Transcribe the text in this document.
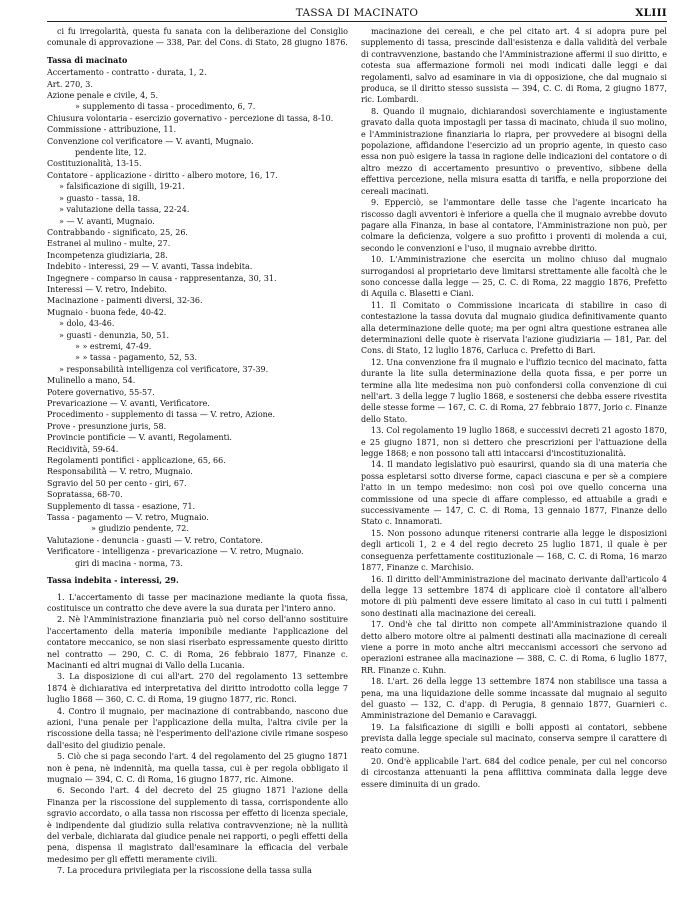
TASSA DI MACINATO	XLIII

ci fu irregolarità, questa fu sanata con la deliberazione del Consiglio comunale di approvazione — 338, Par. del Cons. di Stato, 28 giugno 1876.

Tassa di macinato

Accertamento - contratto - durata, 1, 2.

Art. 270, 3.

Azione penale e civile, 4, 5.

» supplemento di tassa - procedimento, 6, 7.

Chiusura volontaria - esercizio governativo - percezione di tassa, 8-10.

Commissione - attribuzione, 11.

Convenzione col verificatore — V. avanti, Mugnaio.

pendente lite, 12.

Costituzionalità, 13-15.

Contatore - applicazione - diritto - albero motore, 16, 17.

» falsificazione di sigilli, 19-21.

» guasto - tassa, 18.

» valutazione della tassa, 22-24.

» — V. avanti, Mugnaio.

Contrabbando - significato, 25, 26.

Estranei al mulino - multe, 27.

Incompetenza giudiziaria, 28.

Indebito - interessi, 29 — V. avanti, Tassa indebita.

Ingegnere - comparso in causa - rappresentanza, 30, 31.

Interessi — V. retro, Indebito.

Macinazione - paimenti diversi, 32-36.

Mugnaio - buona fede, 40-42.

» dolo, 43-46.

» guasti - denunzia, 50, 51.

» » estremi, 47-49.

» » tassa - pagamento, 52, 53.

» responsabilità intelligenza col verificatore, 37-39.

Mulinello a mano, 54.

Potere governativo, 55-57.

Prevaricazione — V. avanti, Verificatore.

Procedimento - supplemento di tassa — V. retro, Azione.

Prove - presunzione juris, 58.

Provincie pontificie — V. avanti, Regolamenti.

Recidività, 59-64.

Regolamenti pontifici - applicazione, 65, 66.

Responsabilità — V. retro, Mugnaio.

Sgravio del 50 per cento - giri, 67.

Sopratassa, 68-70.

Supplemento di tassa - esazione, 71.

Tassa - pagamento — V. retro, Mugnaio.

» giudizio pendente, 72.

Valutazione - denuncia - guasti — V. retro, Contatore.

Verificatore - intelligenza - prevaricazione — V. retro, Mugnaio.

giri di macina - norma, 73.

Tassa indebita - interessi, 29.

1. L'accertamento di tasse per macinazione mediante la quota fissa, costituisce un contratto che deve avere la sua durata per l'intero anno.

2. Nè l'Amministrazione finanziaria può nel corso dell'anno sostituire l'accertamento della materia imponibile mediante l'applicazione del contatore meccanico, se non siasi riserbato espressamente questo diritto nel contratto — 290, C. C. di Roma, 26 febbraio 1877, Finanze c. Macinanti ed altri mugnai di Vallo della Lucania.

3. La disposizione di cui all'art. 270 del regolamento 13 settembre 1874 è dichiarativa ed interpretativa del diritto introdotto colla legge 7 luglio 1868 — 360, C. C. di Roma, 19 giugno 1877, ric. Ronci.

4. Contro il mugnaio, per macinazione di contrabbando, nascono due azioni, l'una penale per l'applicazione della multa, l'altra civile per la riscossione della tassa; nè l'esperimento dell'azione civile rimane sospeso dall'esito del giudizio penale.

5. Ciò che si paga secondo l'art. 4 del regolamento del 25 giugno 1871 non è pena, nè indennità, ma quella tassa, cui è per regola obbligato il mugnaio — 394, C. C. di Roma, 16 giugno 1877, ric. Aimone.

6. Secondo l'art. 4 del decreto del 25 giugno 1871 l'azione della Finanza per la riscossione del supplemento di tassa, corrispondente allo sgravio accordato, o alla tassa non riscossa per effetto di licenza speciale, è indipendente dal giudizio sulla relativa contravvenzione; nè la nullità del verbale, dichiarata dal giudice penale nei rapporti, o pegli effetti della pena, dispensa il magistrato dall'esaminare la efficacia del verbale medesimo per gli effetti meramente civili.

7. La procedura privilegiata per la riscossione della tassa sulla

macinazione dei cereali, e che pel citato art. 4 si adopra pure pel supplemento di tassa, prescinde dall'esistenza e dalla validità del verbale di contravvenzione, bastando che l'Amministrazione affermi il suo diritto, e cotesta sua affermazione formoli nei modi indicati dalle leggi e dai regolamenti, salvo ad esaminare in via di opposizione, che dal mugnaio si produca, se il diritto stesso sussista — 394, C. C. di Roma, 2 giugno 1877, ric. Lombardi.

8. Quando il mugnaio, dichiarandosi soverchiamente e ingiustamente gravato dalla quota impostagli per tassa di macinato, chiuda il suo molino, e l'Amministrazione finanziaria lo riapra, per provvedere ai bisogni della popolazione, affidandone l'esercizio ad un proprio agente, in questo caso essa non può esigere la tassa in ragione delle indicazioni del contatore o di altro mezzo di accertamento presuntivo o preventivo, sibbene della effettiva percezione, nella misura esatta di tariffa, e nella proporzione dei cereali macinati.

9. Epperciò, se l'ammontare delle tasse che l'agente incaricato ha riscosso dagli avventori è inferiore a quella che il mugnaio avrebbe dovuto pagare alla Finanza, in base al contatore, l'Amministrazione non può, per colmare la deficienza, volgere a suo profitto i proventi di molenda a cui, secondo le convenzioni e l'uso, il mugnaio avrebbe diritto.

10. L'Amministrazione che esercita un molino chiuso dal mugnaio surrogandosi al proprietario deve limitarsi strettamente alle facoltà che le sono concesse dalla legge — 25, C. C. di Roma, 22 maggio 1876, Prefetto di Aquila c. Blasetti e Ciani.

11. Il Comitato o Commissione incaricata di stabilire in caso di contestazione la tassa dovuta dal mugnaio giudica definitivamente quanto alla determinazione delle quote; ma per ogni altra questione estranea alle determinazioni delle quote è riservata l'azione giudiziaria — 181, Par. del Cons. di Stato, 12 luglio 1876, Carluca c. Prefetto di Bari.

12. Una convenzione fra il mugnaio e l'uffizio tecnico del macinato, fatta durante la lite sulla determinazione della quota fissa, e per porre un termine alla lite medesima non può confondersi colla convenzione di cui nell'art. 3 della legge 7 luglio 1868, e sostenersi che debba essere rivestita delle stesse forme — 167, C. C. di Roma, 27 febbraio 1877, Jorio c. Finanze dello Stato.

13. Col regolamento 19 luglio 1868, e successivi decreti 21 agosto 1870, e 25 giugno 1871, non si dettero che prescrizioni per l'attuazione della legge 1868; e non possono tali atti intaccarsi d'incostituzionalità.

14. Il mandato legislativo può esaurirsi, quando sia di una materia che possa espletarsi sotto diverse forme, capaci ciascuna e per sè a compiere l'atto in un tempo medesimo: non così poi ove quello concerna una commissione od una specie di affare complesso, ed attuabile a gradi e successivamente — 147, C. C. di Roma, 13 gennaio 1877, Finanze dello Stato c. Innamorati.

15. Non possono adunque ritenersi contrarie alla legge le disposizioni degli articoli 1, 2 e 4 del regio decreto 25 luglio 1871, il quale è per conseguenza perfettamente costituzionale — 168, C. C. di Roma, 16 marzo 1877, Finanze c. Marchisio.

16. Il diritto dell'Amministrazione del macinato derivante dall'articolo 4 della legge 13 settembre 1874 di applicare cioè il contatore all'albero motore di più palmenti deve essere limitato al caso in cui tutti i palmenti sono destinati alla macinazione dei cereali.

17. Ond'è che tal diritto non compete all'Amministrazione quando il detto albero motore oltre ai palmenti destinati alla macinazione di cereali viene a porre in moto anche altri meccanismi accessori che servono ad operazioni estranee alla macinazione — 388, C. C. di Roma, 6 luglio 1877, RR. Finanze c. Kuhn.

18. L'art. 26 della legge 13 settembre 1874 non stabilisce una tassa a pena, ma una liquidazione delle somme incassate dal mugnaio al seguito del guasto — 132, C. d'app. di Perugia, 8 gennaio 1877, Guarnieri c. Amministrazione del Demanio e Caravaggi.

19. La falsificazione di sigilli e bolli apposti ai contatori, sebbene prevista dalla legge speciale sul macinato, conserva sempre il carattere di reato comune.

20. Ond'è applicabile l'art. 684 del codice penale, per cui nel concorso di circostanza attenuanti la pena afflittiva comminata dalla legge deve essere diminuita di un grado.
